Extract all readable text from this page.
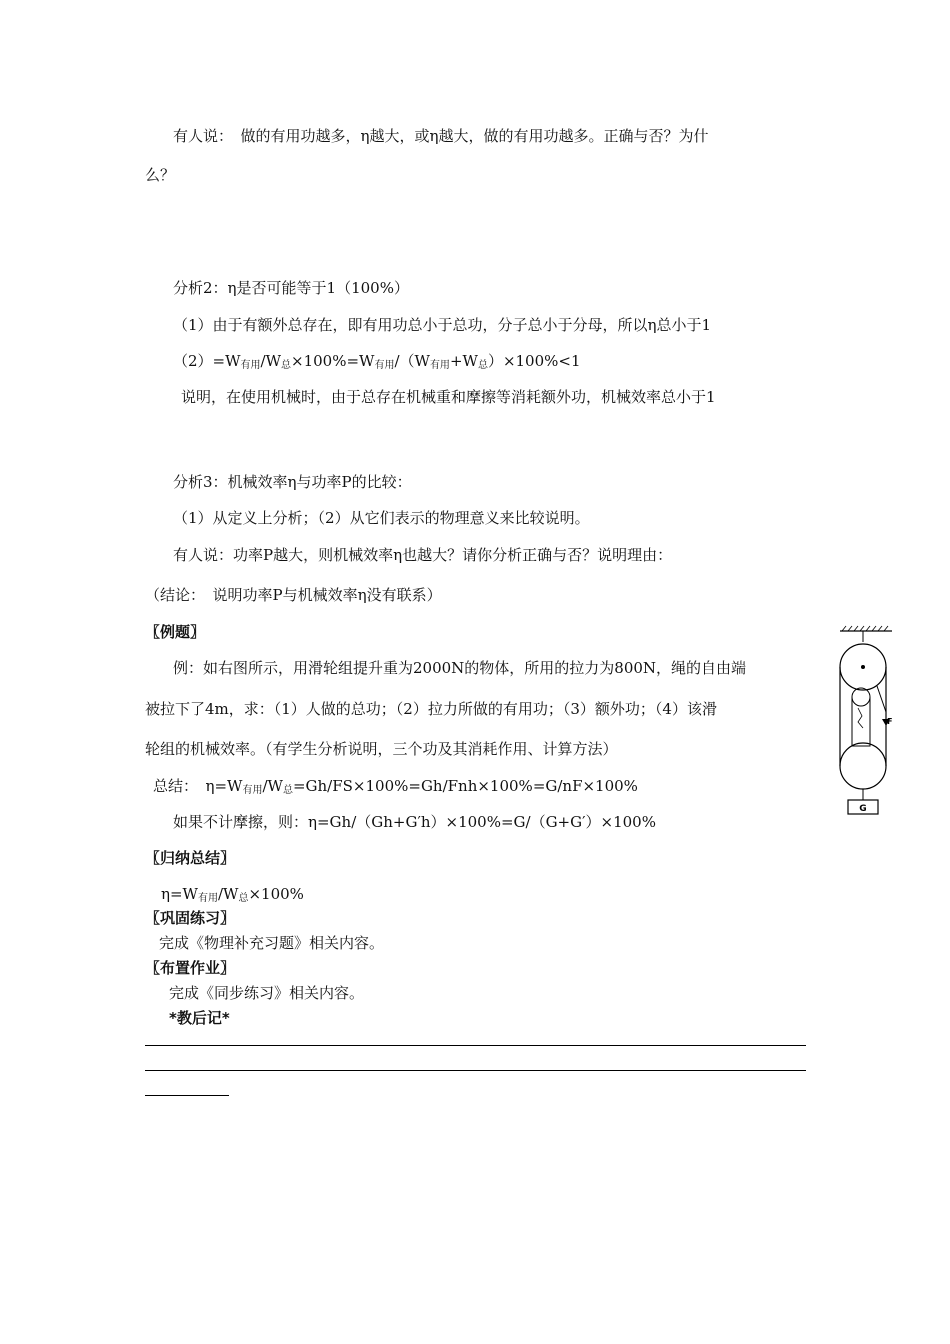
有人说：　做的有用功越多，η越大，或η越大，做的有用功越多。正确与否？为什
么？
分析2：η是否可能等于1（100%）
（1）由于有额外总存在，即有用功总小于总功，分子总小于分母，所以η总小于1
$(2)=W_{有用}/W_总\times 100\%=W_{有用}/(W_{有用}+W_总)\times 100\%<1$
说明，在使用机械时，由于总存在机械重和摩擦等消耗额外功，机械效率总小于1
分析3：机械效率η与功率P的比较：
（1）从定义上分析；（2）从它们表示的物理意义来比较说明。
有人说：功率P越大，则机械效率η也越大？请你分析正确与否？说明理由：
（结论：　说明功率P与机械效率η没有联系）
〖例题〗
例：如右图所示，用滑轮组提升重为2000N的物体，所用的拉力为800N，绳的自由端
被拉下了4m，求：（1）人做的总功；（2）拉力所做的有用功；（3）额外功；（4）该滑
轮组的机械效率。（有学生分析说明，三个功及其消耗作用、计算方法）
总结：　$\eta=W_{有用}/W_总=Gh/FS\times 100\%=Gh/Fnh\times 100\%=G/nF\times 100\%$
如果不计摩擦，则：η=Gh/（Gh+G′h）×100%=G/（G+G′）×100%
〖归纳总结〗
$\eta=W_{有用}/W_总\times 100\%$
〖巩固练习〗
完成《物理补充习题》相关内容。
〖布置作业〗
完成《同步练习》相关内容。
*教后记*
F
G
